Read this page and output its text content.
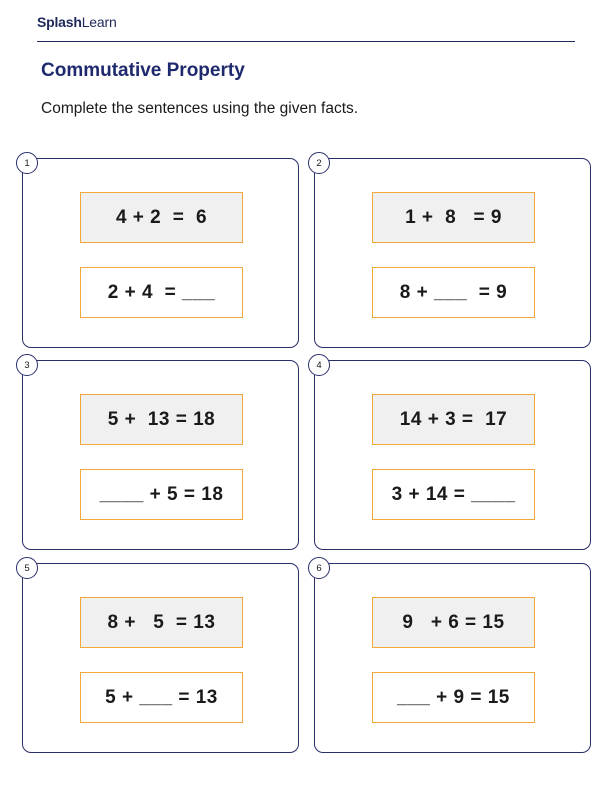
SplashLearn
Commutative Property
Complete the sentences using the given facts.
1
4 + 2  =  6
2 + 4  = ___
2
1 +  8   = 9
8 + ___  = 9
3
5 +  13 = 18
____ + 5 = 18
4
14 + 3 =  17
3 + 14 = ____
5
8 +   5  = 13
5 + ___ = 13
6
9   + 6 = 15
___ + 9 = 15
